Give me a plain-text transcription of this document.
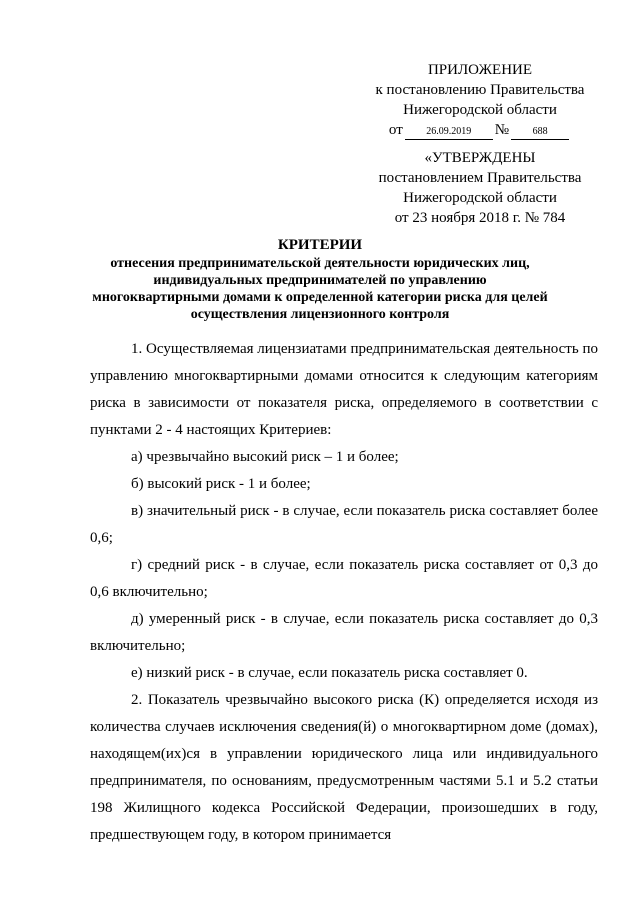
ПРИЛОЖЕНИЕ
к постановлению Правительства
Нижегородской области
от	26.09.2019	№	688
«УТВЕРЖДЕНЫ
постановлением Правительства
Нижегородской области
от 23 ноября 2018 г. № 784
КРИТЕРИИ
отнесения предпринимательской деятельности юридических лиц, индивидуальных предпринимателей по управлению многоквартирными домами к определенной категории риска для целей осуществления лицензионного контроля

1. Осуществляемая лицензиатами предпринимательская деятельность по управлению многоквартирными домами относится к следующим категориям риска в зависимости от показателя риска, определяемого в соответствии с пунктами 2 - 4 настоящих Критериев:

а) чрезвычайно высокий риск – 1 и более;

б) высокий риск - 1 и более;

в) значительный риск - в случае, если показатель риска составляет более 0,6;

г) средний риск - в случае, если показатель риска составляет от 0,3 до 0,6 включительно;

д) умеренный риск - в случае, если показатель риска составляет до 0,3 включительно;

е) низкий риск - в случае, если показатель риска составляет 0.

2. Показатель чрезвычайно высокого риска (К) определяется исходя из количества случаев исключения сведения(й) о многоквартирном доме (домах), находящем(их)ся в управлении юридического лица или индивидуального предпринимателя, по основаниям, предусмотренным частями 5.1 и 5.2 статьи 198 Жилищного кодекса Российской Федерации, произошедших в году, предшествующем году, в котором принимается
